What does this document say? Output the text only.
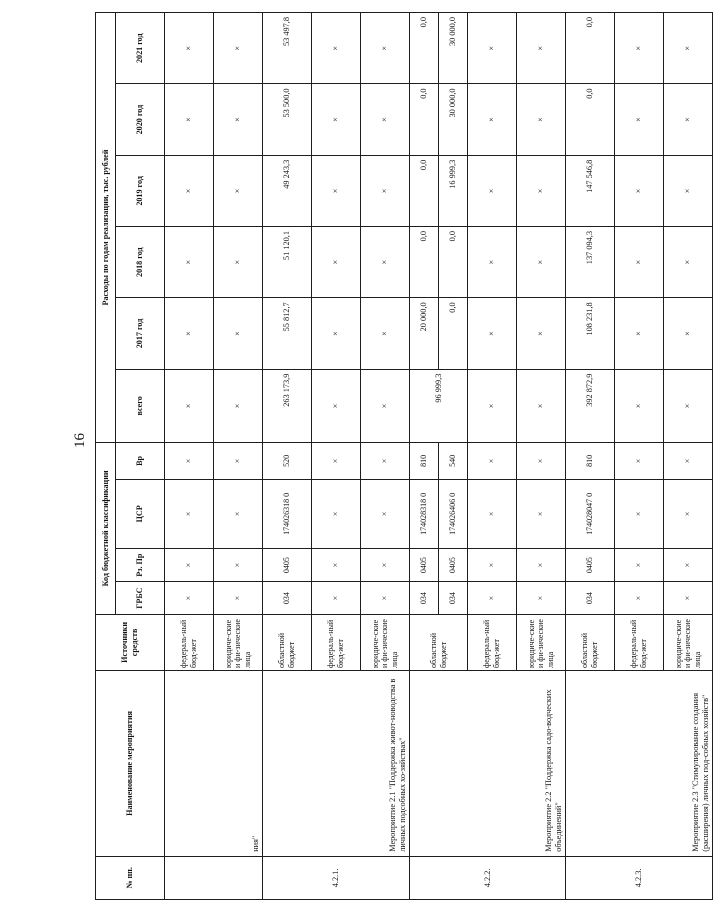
16
№ пп.	Наименование мероприятия	Источники средств	Код бюджетной классификации				Расходы по годам реализации, тыс. рублей					
			ГРБС	Рз. Пр	ЦСР	Вр	всего	2017 год	2018 год	2019 год	2020 год	2021 год

	ния"	федераль-ный бюд-жет	×	×	×	×	×	×	×	×	×	×
		юридиче-ские и фи-зические лица	×	×	×	×	×	×	×	×	×	×
4.2.1.	Мероприятие 2.1 "Поддержка живот-новодства в личных подсобных хо-зяйствах"	областной бюджет	034	0405	174026318 0	520	263 173,9	55 812,7	51 120,1	49 243,3	53 500,0	53 497,8
		федераль-ный бюд-жет	×	×	×	×	×	×	×	×	×	×
		юридиче-ские и фи-зические лица	×	×	×	×	×	×	×	×	×	×
4.2.2.	Мероприятие 2.2 "Поддержка садо-водческих объединений"	областной бюджет	034	0405	174028318 0	810	96 999,3	20 000,0	0,0	0,0	0,0	0,0
			034	0405	174026406 0	540		0,0	0,0	16 999,3	30 000,0	30 000,0
		федераль-ный бюд-жет	×	×	×	×	×	×	×	×	×	×
		юридиче-ские и фи-зические лица	×	×	×	×	×	×	×	×	×	×
4.2.3.	Мероприятие 2.3 "Стимулирование создания (расширения) личных под-собных хозяйств"	областной бюджет	034	0405	174028047 0	810	392 872,9	108 231,8	137 094,3	147 546,8	0,0	0,0
		федераль-ный бюд-жет	×	×	×	×	×	×	×	×	×	×
		юридиче-ские и фи-зические лица	×	×	×	×	×	×	×	×	×	×
